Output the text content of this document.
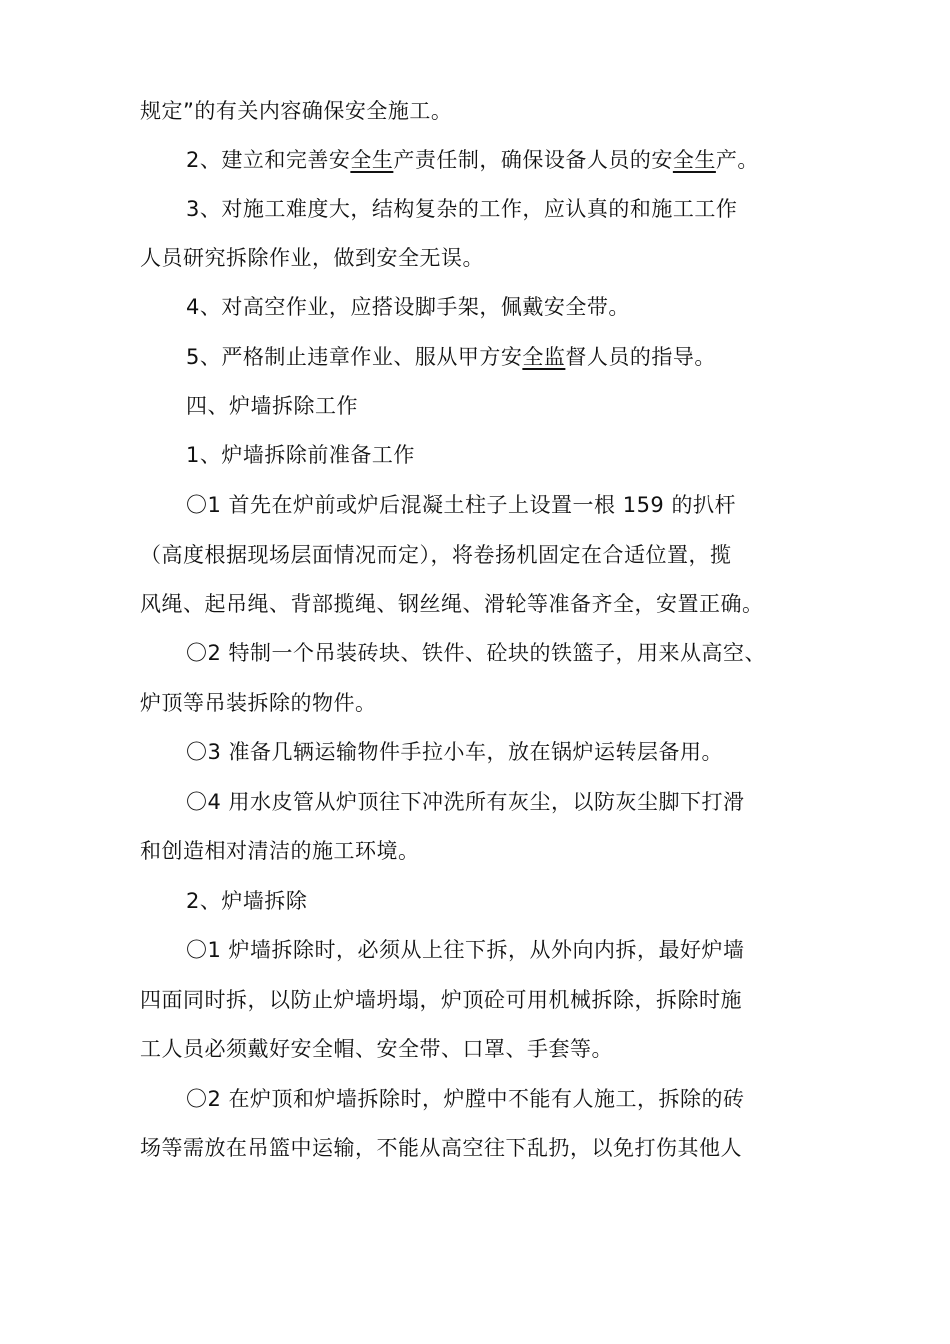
规定”的有关内容确保安全施工。
2、建立和完善安全生产责任制，确保设备人员的安全生产。
3、对施工难度大，结构复杂的工作，应认真的和施工工作
人员研究拆除作业，做到安全无误。
4、对高空作业，应搭设脚手架，佩戴安全带。
5、严格制止违章作业、服从甲方安全监督人员的指导。
四、炉墙拆除工作
1、炉墙拆除前准备工作
〇1 首先在炉前或炉后混凝土柱子上设置一根 159 的扒杆
（高度根据现场层面情况而定），将卷扬机固定在合适位置，揽
风绳、起吊绳、背部揽绳、钢丝绳、滑轮等准备齐全，安置正确。
〇2 特制一个吊装砖块、铁件、砼块的铁篮子，用来从高空、
炉顶等吊装拆除的物件。
〇3 准备几辆运输物件手拉小车，放在锅炉运转层备用。
〇4 用水皮管从炉顶往下冲洗所有灰尘，以防灰尘脚下打滑
和创造相对清洁的施工环境。
2、炉墙拆除
〇1 炉墙拆除时，必须从上往下拆，从外向内拆，最好炉墙
四面同时拆，以防止炉墙坍塌，炉顶砼可用机械拆除，拆除时施
工人员必须戴好安全帽、安全带、口罩、手套等。
〇2 在炉顶和炉墙拆除时，炉膛中不能有人施工，拆除的砖
场等需放在吊篮中运输，不能从高空往下乱扔，以免打伤其他人
